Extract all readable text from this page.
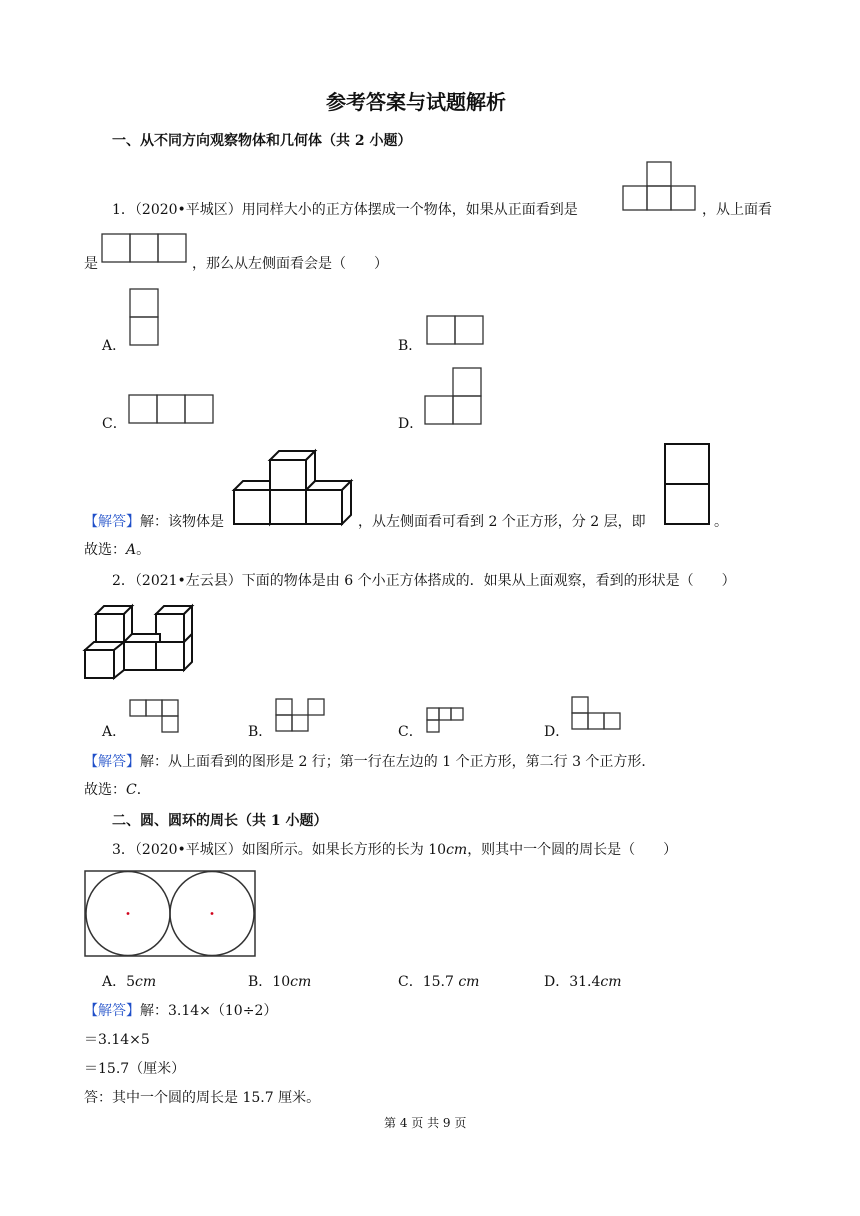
参考答案与试题解析
一、从不同方向观察物体和几何体（共 2 小题）
1．（2020•平城区）用同样大小的正方体摆成一个物体，如果从正面看到是	，从上面看
是	，那么从左侧面看会是（　　）
A．	B．
C．	D．
【解答】解：该物体是	，从左侧面看可看到 2 个正方形，分 2 层，即	。
故选：A。
2．（2021•左云县）下面的物体是由 6 个小正方体搭成的．如果从上面观察，看到的形状是（　　）
A．	B．	C．	D．
【解答】解：从上面看到的图形是 2 行；第一行在左边的 1 个正方形，第二行 3 个正方形．
故选：C．
二、圆、圆环的周长（共 1 小题）
3．（2020•平城区）如图所示。如果长方形的长为 10cm，则其中一个圆的周长是（　　）
A．5cm	B．10cm	C．15.7 cm	D．31.4cm
【解答】解：3.14×（10÷2）
＝3.14×5
＝15.7（厘米）
答：其中一个圆的周长是 15.7 厘米。
第 4 页 共 9 页
